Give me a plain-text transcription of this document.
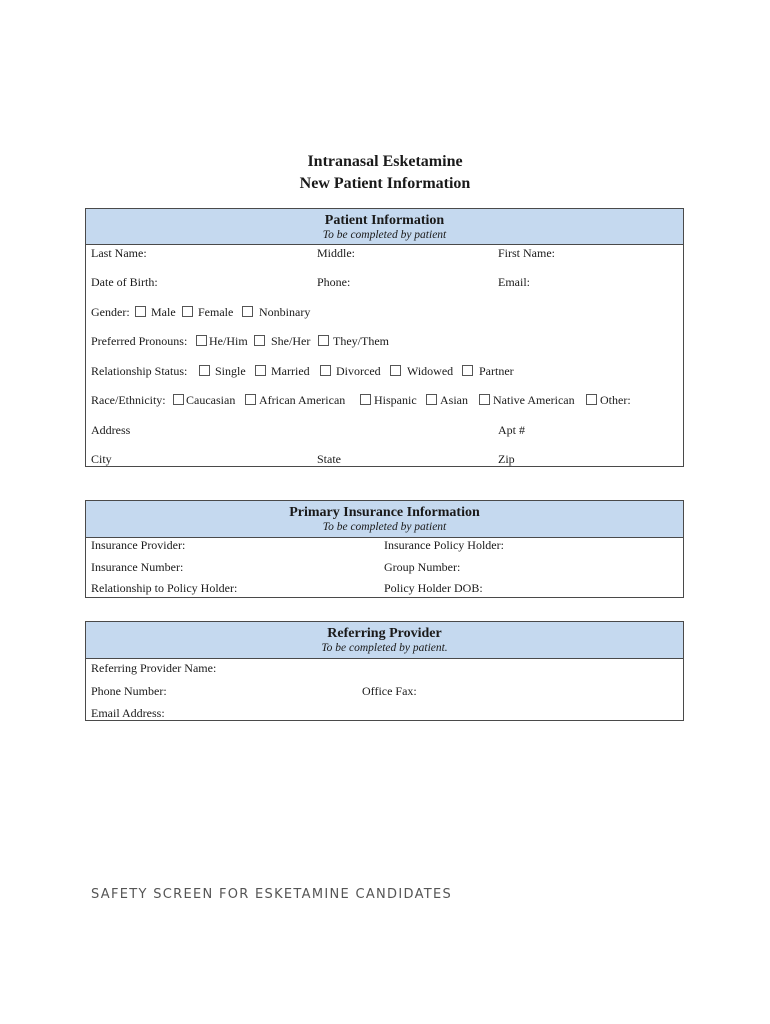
Intranasal Esketamine
New Patient Information
Patient Information
To be completed by patient
Last Name:	Middle:	First Name:
Date of Birth:	Phone:	Email:
Gender: Male Female Nonbinary
Preferred Pronouns: He/Him She/Her They/Them
Relationship Status: Single Married Divorced Widowed Partner
Race/Ethnicity: Caucasian African American Hispanic Asian Native American Other:
Address	Apt #
City	State	Zip
Primary Insurance Information
To be completed by patient
Insurance Provider:	Insurance Policy Holder:
Insurance Number:	Group Number:
Relationship to Policy Holder:	Policy Holder DOB:
Referring Provider
To be completed by patient.
Referring Provider Name:
Phone Number:	Office Fax:
Email Address:
SAFETY SCREEN FOR ESKETAMINE CANDIDATES
